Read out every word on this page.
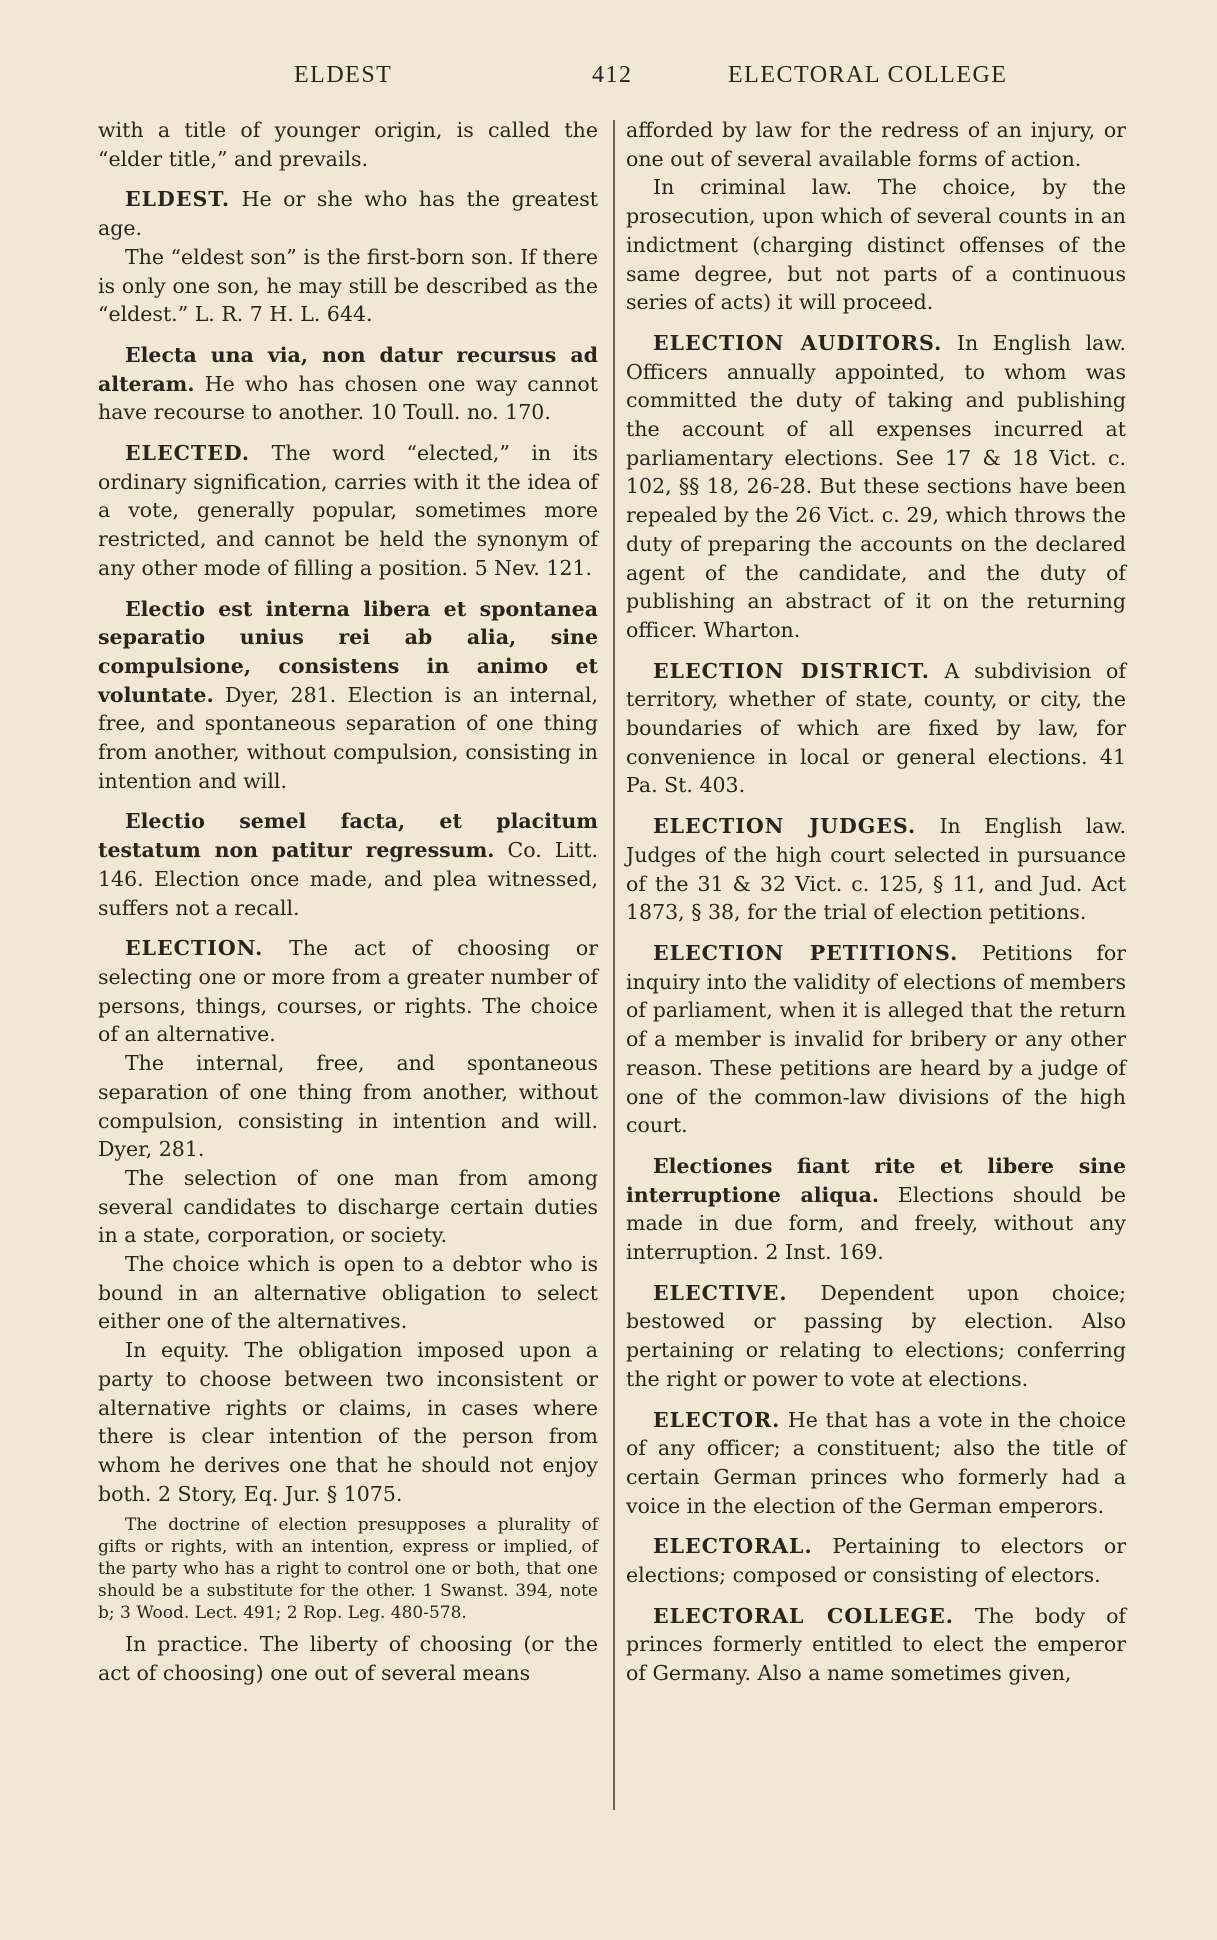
ELDEST	412	ELECTORAL COLLEGE

with a title of younger origin, is called the “elder title,” and prevails.

ELDEST. He or she who has the greatest age.

The “eldest son” is the first-born son. If there is only one son, he may still be described as the “eldest.” L. R. 7 H. L. 644.

Electa una via, non datur recursus ad alteram. He who has chosen one way cannot have recourse to another. 10 Toull. no. 170.

ELECTED. The word “elected,” in its ordinary signification, carries with it the idea of a vote, generally popular, sometimes more restricted, and cannot be held the synonym of any other mode of filling a position. 5 Nev. 121.

Electio est interna libera et spontanea separatio unius rei ab alia, sine compulsione, consistens in animo et voluntate. Dyer, 281. Election is an internal, free, and spontaneous separation of one thing from another, without compulsion, consisting in intention and will.

Electio semel facta, et placitum testatum non patitur regressum. Co. Litt. 146. Election once made, and plea witnessed, suffers not a recall.

ELECTION. The act of choosing or selecting one or more from a greater number of persons, things, courses, or rights. The choice of an alternative.

The internal, free, and spontaneous separation of one thing from another, without compulsion, consisting in intention and will. Dyer, 281.

The selection of one man from among several candidates to discharge certain duties in a state, corporation, or society.

The choice which is open to a debtor who is bound in an alternative obligation to select either one of the alternatives.

In equity. The obligation imposed upon a party to choose between two inconsistent or alternative rights or claims, in cases where there is clear intention of the person from whom he derives one that he should not enjoy both. 2 Story, Eq. Jur. § 1075.

The doctrine of election presupposes a plurality of gifts or rights, with an intention, express or implied, of the party who has a right to control one or both, that one should be a substitute for the other. 1 Swanst. 394, note b; 3 Wood. Lect. 491; 2 Rop. Leg. 480-578.

In practice. The liberty of choosing (or the act of choosing) one out of several means

afforded by law for the redress of an injury, or one out of several available forms of action.

In criminal law. The choice, by the prosecution, upon which of several counts in an indictment (charging distinct offenses of the same degree, but not parts of a continuous series of acts) it will proceed.

ELECTION AUDITORS. In English law. Officers annually appointed, to whom was committed the duty of taking and publishing the account of all expenses incurred at parliamentary elections. See 17 & 18 Vict. c. 102, §§ 18, 26-28. But these sections have been repealed by the 26 Vict. c. 29, which throws the duty of preparing the accounts on the declared agent of the candidate, and the duty of publishing an abstract of it on the returning officer. Wharton.

ELECTION DISTRICT. A subdivision of territory, whether of state, county, or city, the boundaries of which are fixed by law, for convenience in local or general elections. 41 Pa. St. 403.

ELECTION JUDGES. In English law. Judges of the high court selected in pursuance of the 31 & 32 Vict. c. 125, § 11, and Jud. Act 1873, § 38, for the trial of election petitions.

ELECTION PETITIONS. Petitions for inquiry into the validity of elections of members of parliament, when it is alleged that the return of a member is invalid for bribery or any other reason. These petitions are heard by a judge of one of the common-law divisions of the high court.

Electiones fiant rite et libere sine interruptione aliqua. Elections should be made in due form, and freely, without any interruption. 2 Inst. 169.

ELECTIVE. Dependent upon choice; bestowed or passing by election. Also pertaining or relating to elections; conferring the right or power to vote at elections.

ELECTOR. He that has a vote in the choice of any officer; a constituent; also the title of certain German princes who formerly had a voice in the election of the German emperors.

ELECTORAL. Pertaining to electors or elections; composed or consisting of electors.

ELECTORAL COLLEGE. The body of princes formerly entitled to elect the emperor of Germany. Also a name sometimes given,
